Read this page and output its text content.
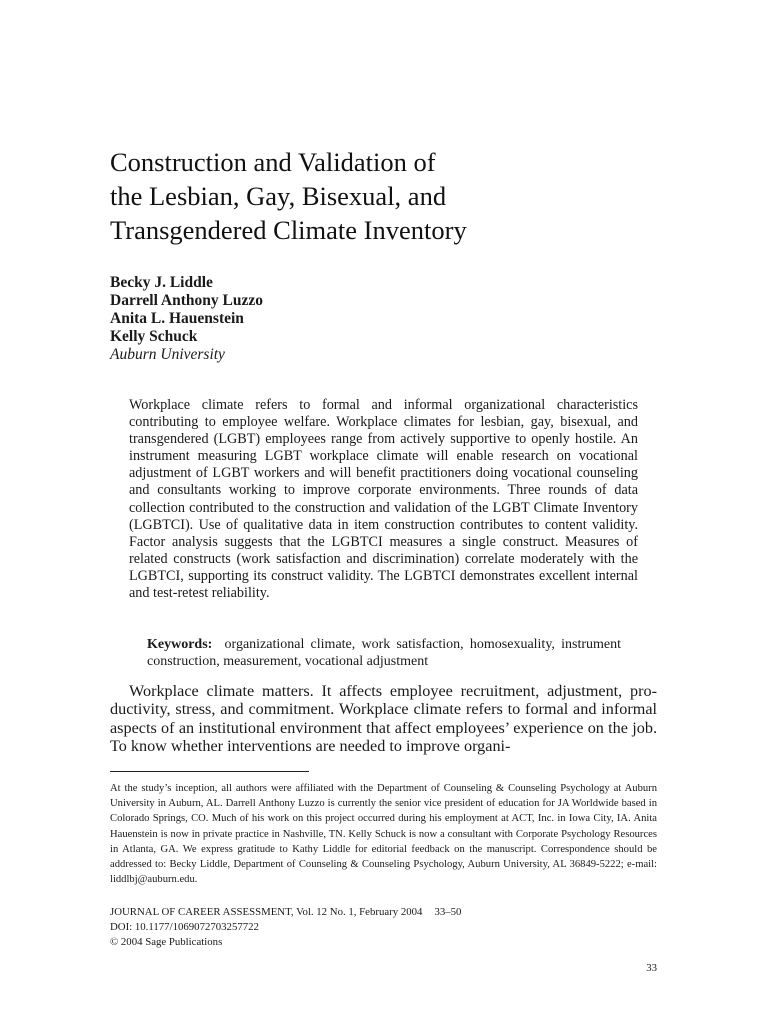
Construction and Validation of
the Lesbian, Gay, Bisexual, and
Transgendered Climate Inventory
Becky J. Liddle
Darrell Anthony Luzzo
Anita L. Hauenstein
Kelly Schuck
Auburn University
Workplace climate refers to formal and informal organizational characteristics contributing to employee welfare. Workplace climates for lesbian, gay, bisexual, and transgendered (LGBT) employees range from actively supportive to openly hostile. An instrument measuring LGBT workplace climate will enable research on vocational adjustment of LGBT workers and will benefit practitioners doing vocational counseling and consultants working to improve corporate environments. Three rounds of data collection contributed to the construction and validation of the LGBT Climate Inventory (LGBTCI). Use of qualitative data in item construction contributes to content validity. Factor analysis suggests that the LGBTCI measures a single construct. Measures of related constructs (work satisfaction and discrimination) correlate moderately with the LGBTCI, supporting its construct validity. The LGBTCI demonstrates excellent internal and test-retest reliability.
Keywords: organizational climate, work satisfaction, homosexuality, instrument construction, measurement, vocational adjustment
Workplace climate matters. It affects employee recruitment, adjustment, productivity, stress, and commitment. Workplace climate refers to formal and informal aspects of an institutional environment that affect employees’ experience on the job. To know whether interventions are needed to improve organi-
At the study’s inception, all authors were affiliated with the Department of Counseling & Counseling Psychology at Auburn University in Auburn, AL. Darrell Anthony Luzzo is currently the senior vice president of education for JA Worldwide based in Colorado Springs, CO. Much of his work on this project occurred during his employment at ACT, Inc. in Iowa City, IA. Anita Hauenstein is now in private practice in Nashville, TN. Kelly Schuck is now a consultant with Corporate Psychology Resources in Atlanta, GA. We express gratitude to Kathy Liddle for editorial feedback on the manuscript. Correspondence should be addressed to: Becky Liddle, Department of Counseling & Counseling Psychology, Auburn University, AL 36849-5222; e-mail: liddlbj@auburn.edu.
JOURNAL OF CAREER ASSESSMENT, Vol. 12 No. 1, February 2004 33–50
DOI: 10.1177/1069072703257722
© 2004 Sage Publications
33
